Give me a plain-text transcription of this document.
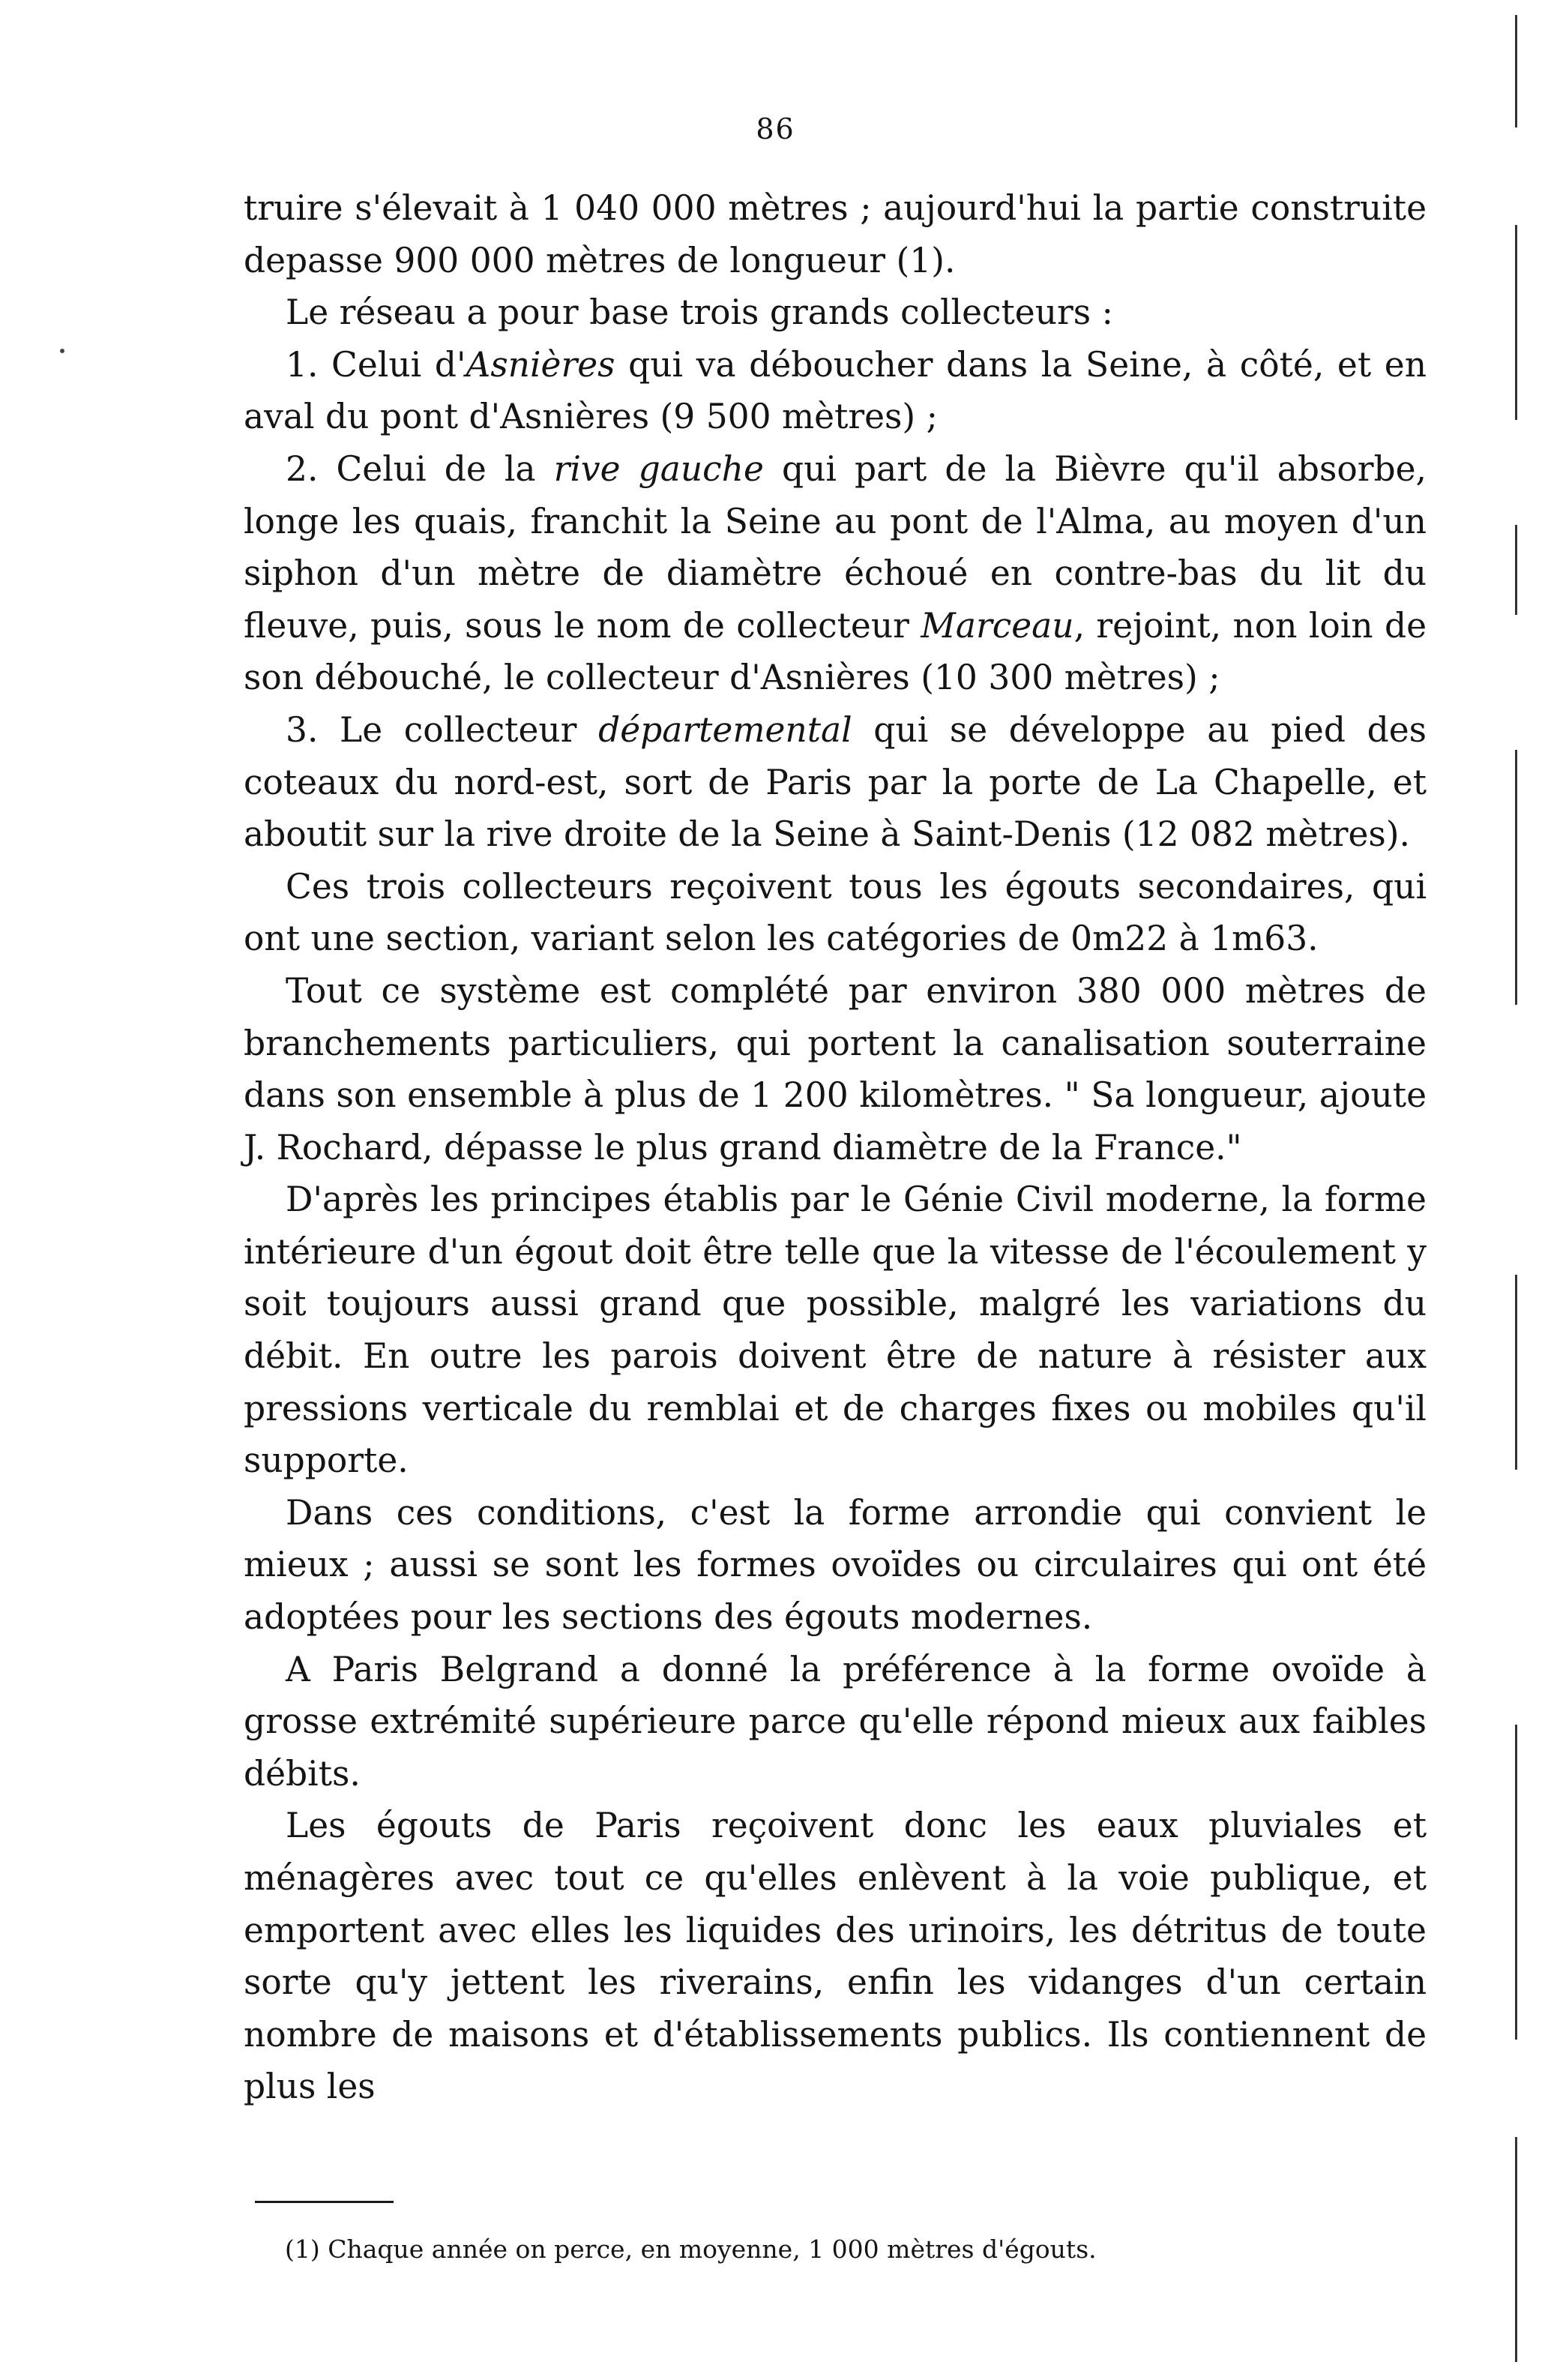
86

truire s'élevait à 1 040 000 mètres ; aujourd'hui la partie construite depasse 900 000 mètres de longueur (1).

Le réseau a pour base trois grands collecteurs :

1. Celui d'Asnières qui va déboucher dans la Seine, à côté, et en aval du pont d'Asnières (9 500 mètres) ;

2. Celui de la rive gauche qui part de la Bièvre qu'il absorbe, longe les quais, franchit la Seine au pont de l'Alma, au moyen d'un siphon d'un mètre de diamètre échoué en contre-bas du lit du fleuve, puis, sous le nom de collecteur Marceau, rejoint, non loin de son débouché, le collecteur d'Asnières (10 300 mètres) ;

3. Le collecteur départemental qui se développe au pied des coteaux du nord-est, sort de Paris par la porte de La Chapelle, et aboutit sur la rive droite de la Seine à Saint-Denis (12 082 mètres).

Ces trois collecteurs reçoivent tous les égouts secondaires, qui ont une section, variant selon les catégories de 0m22 à 1m63.

Tout ce système est complété par environ 380 000 mètres de branchements particuliers, qui portent la canalisation souterraine dans son ensemble à plus de 1 200 kilomètres. " Sa longueur, ajoute J. Rochard, dépasse le plus grand diamètre de la France."

D'après les principes établis par le Génie Civil moderne, la forme intérieure d'un égout doit être telle que la vitesse de l'écoulement y soit toujours aussi grand que possible, malgré les variations du débit. En outre les parois doivent être de nature à résister aux pressions verticale du remblai et de charges fixes ou mobiles qu'il supporte.

Dans ces conditions, c'est la forme arrondie qui convient le mieux ; aussi se sont les formes ovoïdes ou circulaires qui ont été adoptées pour les sections des égouts modernes.

A Paris Belgrand a donné la préférence à la forme ovoïde à grosse extrémité supérieure parce qu'elle répond mieux aux faibles débits.

Les égouts de Paris reçoivent donc les eaux pluviales et ménagères avec tout ce qu'elles enlèvent à la voie publique, et emportent avec elles les liquides des urinoirs, les détritus de toute sorte qu'y jettent les riverains, enfin les vidanges d'un certain nombre de maisons et d'établissements publics. Ils contiennent de plus les

(1) Chaque année on perce, en moyenne, 1 000 mètres d'égouts.
